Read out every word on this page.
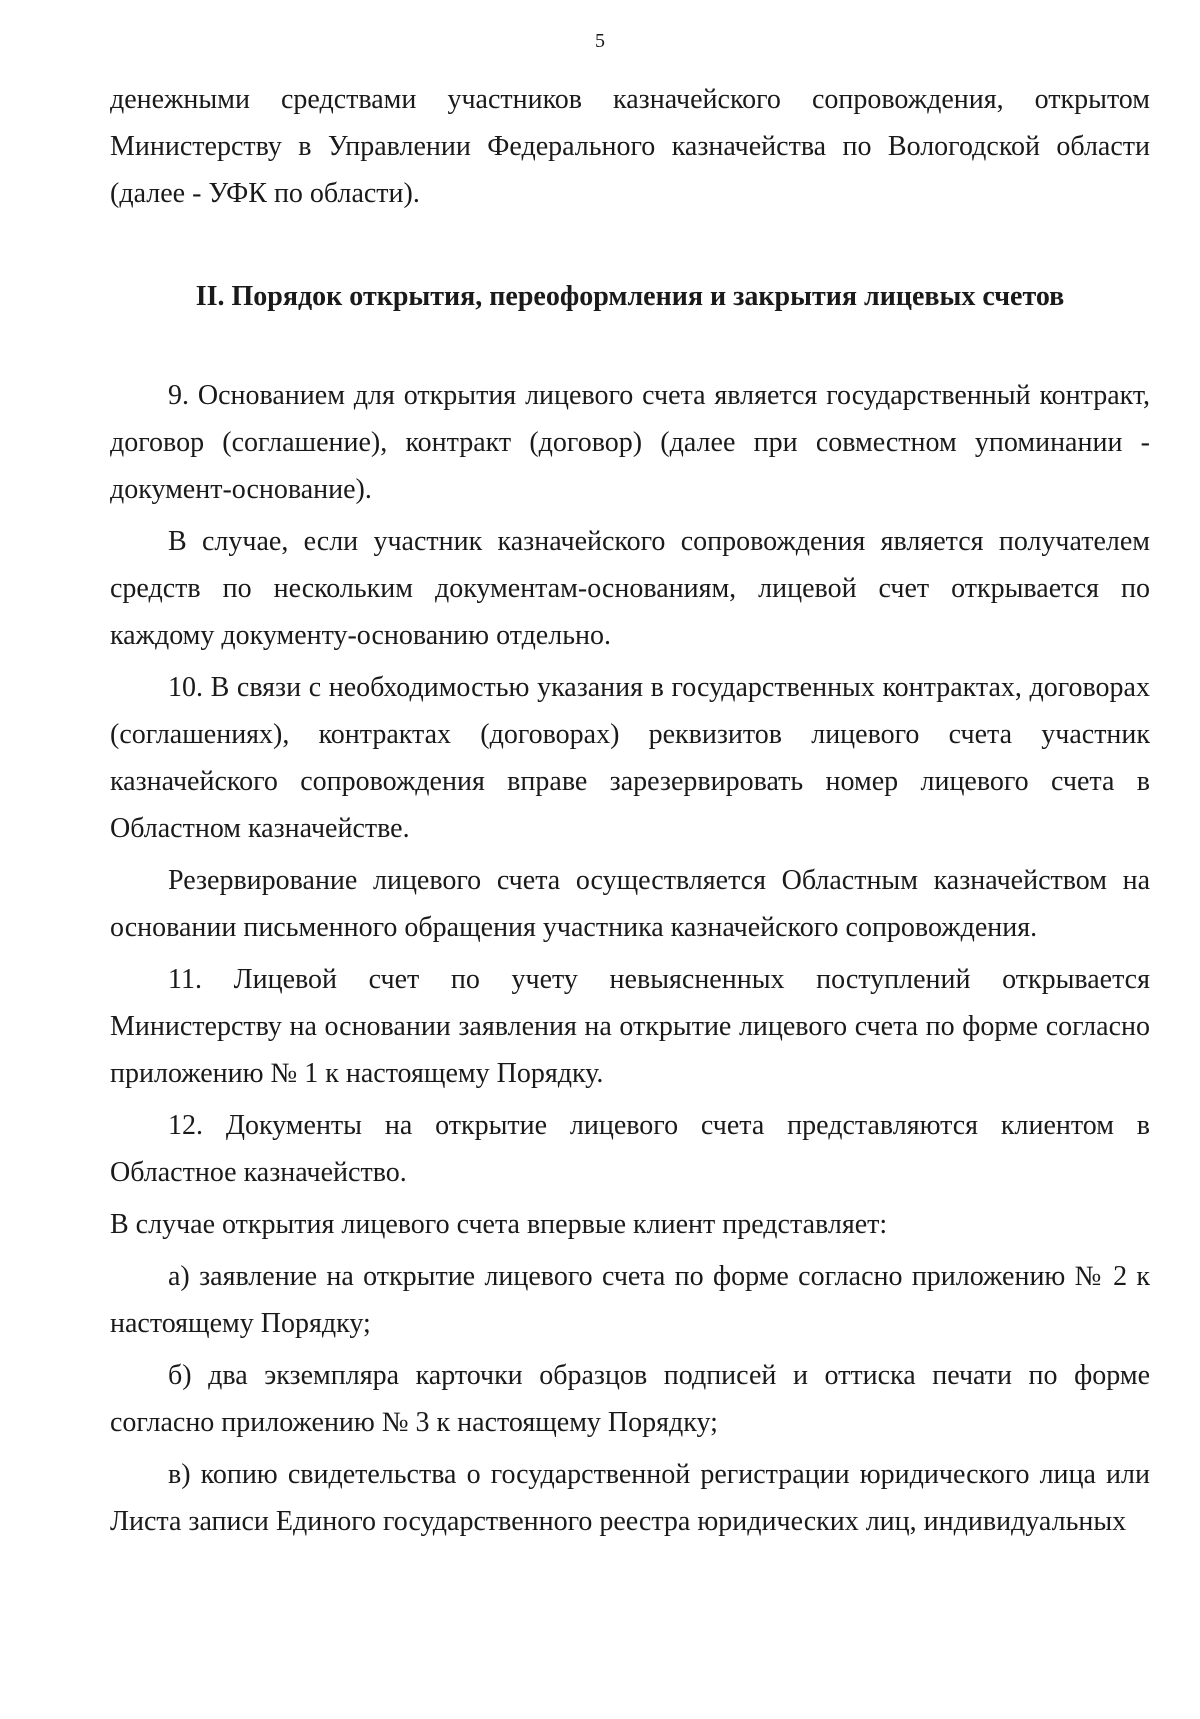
5

денежными средствами участников казначейского сопровождения, открытом Министерству в Управлении Федерального казначейства по Вологодской области (далее - УФК по области).

II. Порядок открытия, переоформления и закрытия лицевых счетов

9. Основанием для открытия лицевого счета является государственный контракт, договор (соглашение), контракт (договор) (далее при совместном упоминании - документ-основание).

В случае, если участник казначейского сопровождения является получателем средств по нескольким документам-основаниям, лицевой счет открывается по каждому документу-основанию отдельно.

10. В связи с необходимостью указания в государственных контрактах, договорах (соглашениях), контрактах (договорах) реквизитов лицевого счета участник казначейского сопровождения вправе зарезервировать номер лицевого счета в Областном казначействе.

Резервирование лицевого счета осуществляется Областным казначейством на основании письменного обращения участника казначейского сопровождения.

11. Лицевой счет по учету невыясненных поступлений открывается Министерству на основании заявления на открытие лицевого счета по форме согласно приложению № 1 к настоящему Порядку.

12. Документы на открытие лицевого счета представляются клиентом в Областное казначейство.

В случае открытия лицевого счета впервые клиент представляет:

а) заявление на открытие лицевого счета по форме согласно приложению № 2 к настоящему Порядку;

б) два экземпляра карточки образцов подписей и оттиска печати по форме согласно приложению № 3 к настоящему Порядку;

в) копию свидетельства о государственной регистрации юридического лица или Листа записи Единого государственного реестра юридических лиц, индивидуальных
